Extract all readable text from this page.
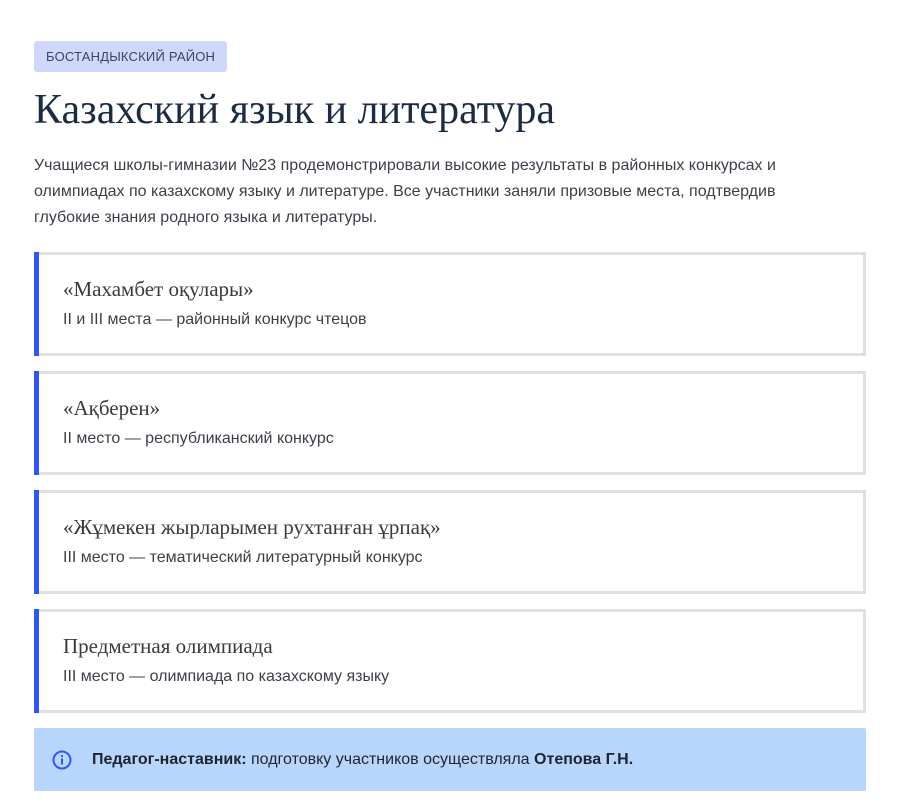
БОСТАНДЫКСКИЙ РАЙОН
Казахский язык и литература

Учащиеся школы-гимназии №23 продемонстрировали высокие результаты в районных конкурсах и олимпиадах по казахскому языку и литературе. Все участники заняли призовые места, подтвердив глубокие знания родного языка и литературы.

«Махамбет оқулары»
II и III места — районный конкурс чтецов
«Ақберен»
II место — республиканский конкурс
«Жұмекен жырларымен рухтанған ұрпақ»
III место — тематический литературный конкурс
Предметная олимпиада
III место — олимпиада по казахскому языку
Педагог-наставник: подготовку участников осуществляла Отепова Г.Н.
